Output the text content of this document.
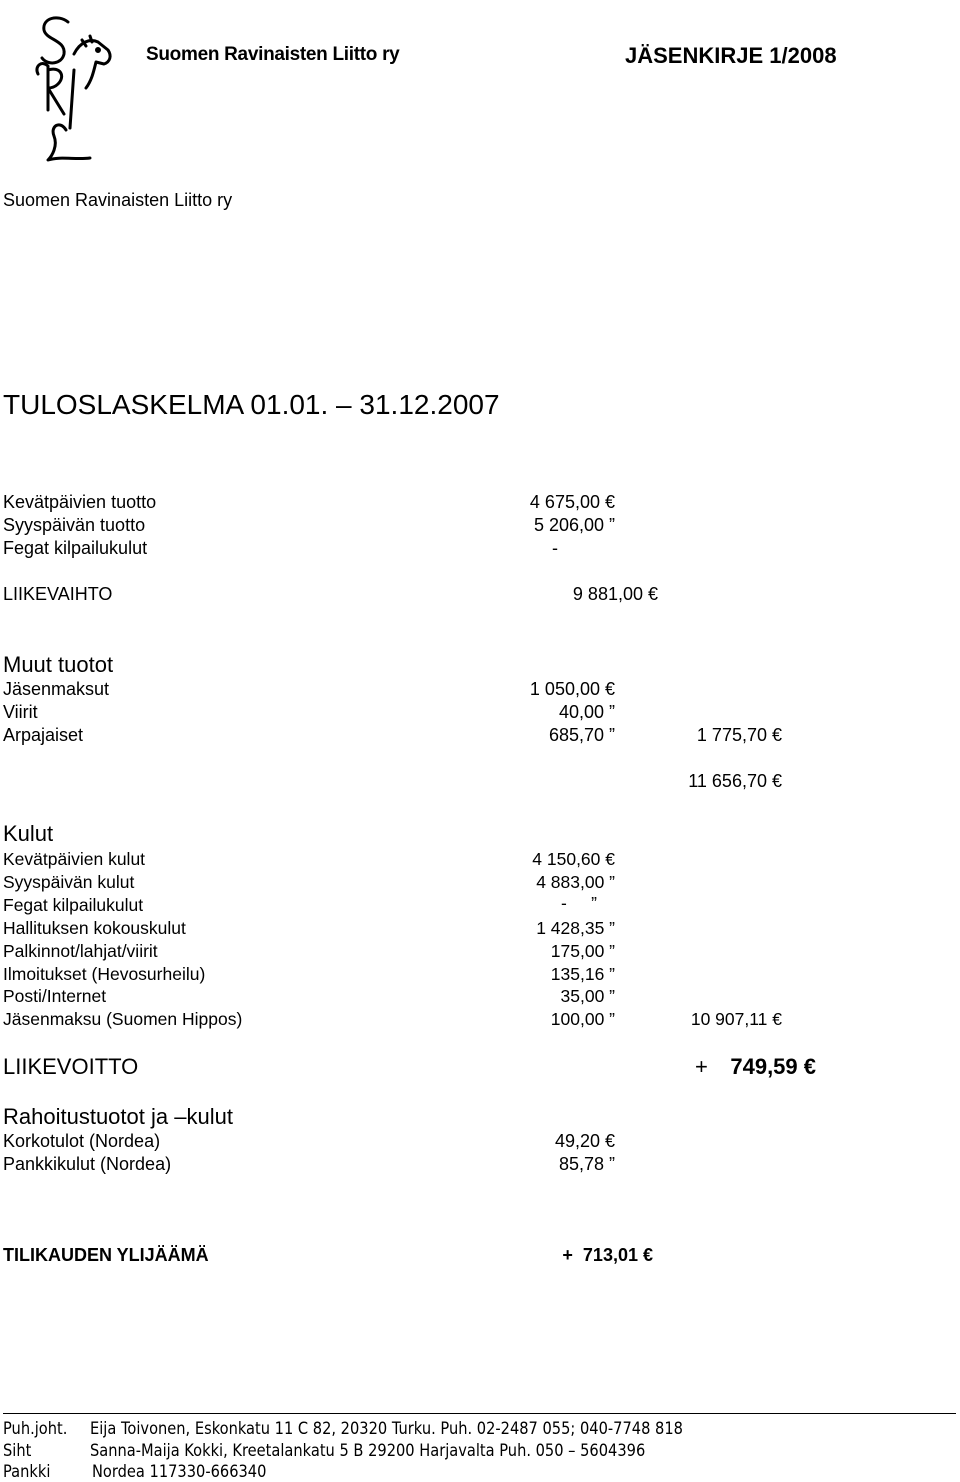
Suomen Ravinaisten Liitto ry	JÄSENKIRJE 1/2008
Suomen Ravinaisten Liitto ry
TULOSLASKELMA 01.01. – 31.12.2007
Kevätpäivien tuotto	4 675,00 €
Syyspäivän tuotto	5 206,00 ”
Fegat kilpailukulut	-
LIIKEVAIHTO	9 881,00 €
Muut tuotot
Jäsenmaksut	1 050,00 €
Viirit	40,00 ”
Arpajaiset	685,70 ”	1 775,70 €
11 656,70 €
Kulut
Kevätpäivien kulut	4 150,60 €
Syyspäivän kulut	4 883,00 ”
Fegat kilpailukulut	-     ”
Hallituksen kokouskulut	1 428,35 ”
Palkinnot/lahjat/viirit	175,00 ”
Ilmoitukset (Hevosurheilu)	135,16 ”
Posti/Internet	35,00 ”
Jäsenmaksu (Suomen Hippos)	100,00 ”	10 907,11 €
LIIKEVOITTO	+ 749,59 €
Rahoitustuotot ja –kulut
Korkotulot (Nordea)	49,20 €
Pankkikulut (Nordea)	85,78 ”
TILIKAUDEN YLIJÄÄMÄ	+  713,01 €
Puh.joht. Eija Toivonen, Eskonkatu 11 C 82, 20320 Turku. Puh. 02-2487 055; 040-7748 818
Siht	Sanna-Maija Kokki, Kreetalankatu 5 B 29200 Harjavalta Puh. 050 – 5604396
Pankki Nordea 117330-666340
